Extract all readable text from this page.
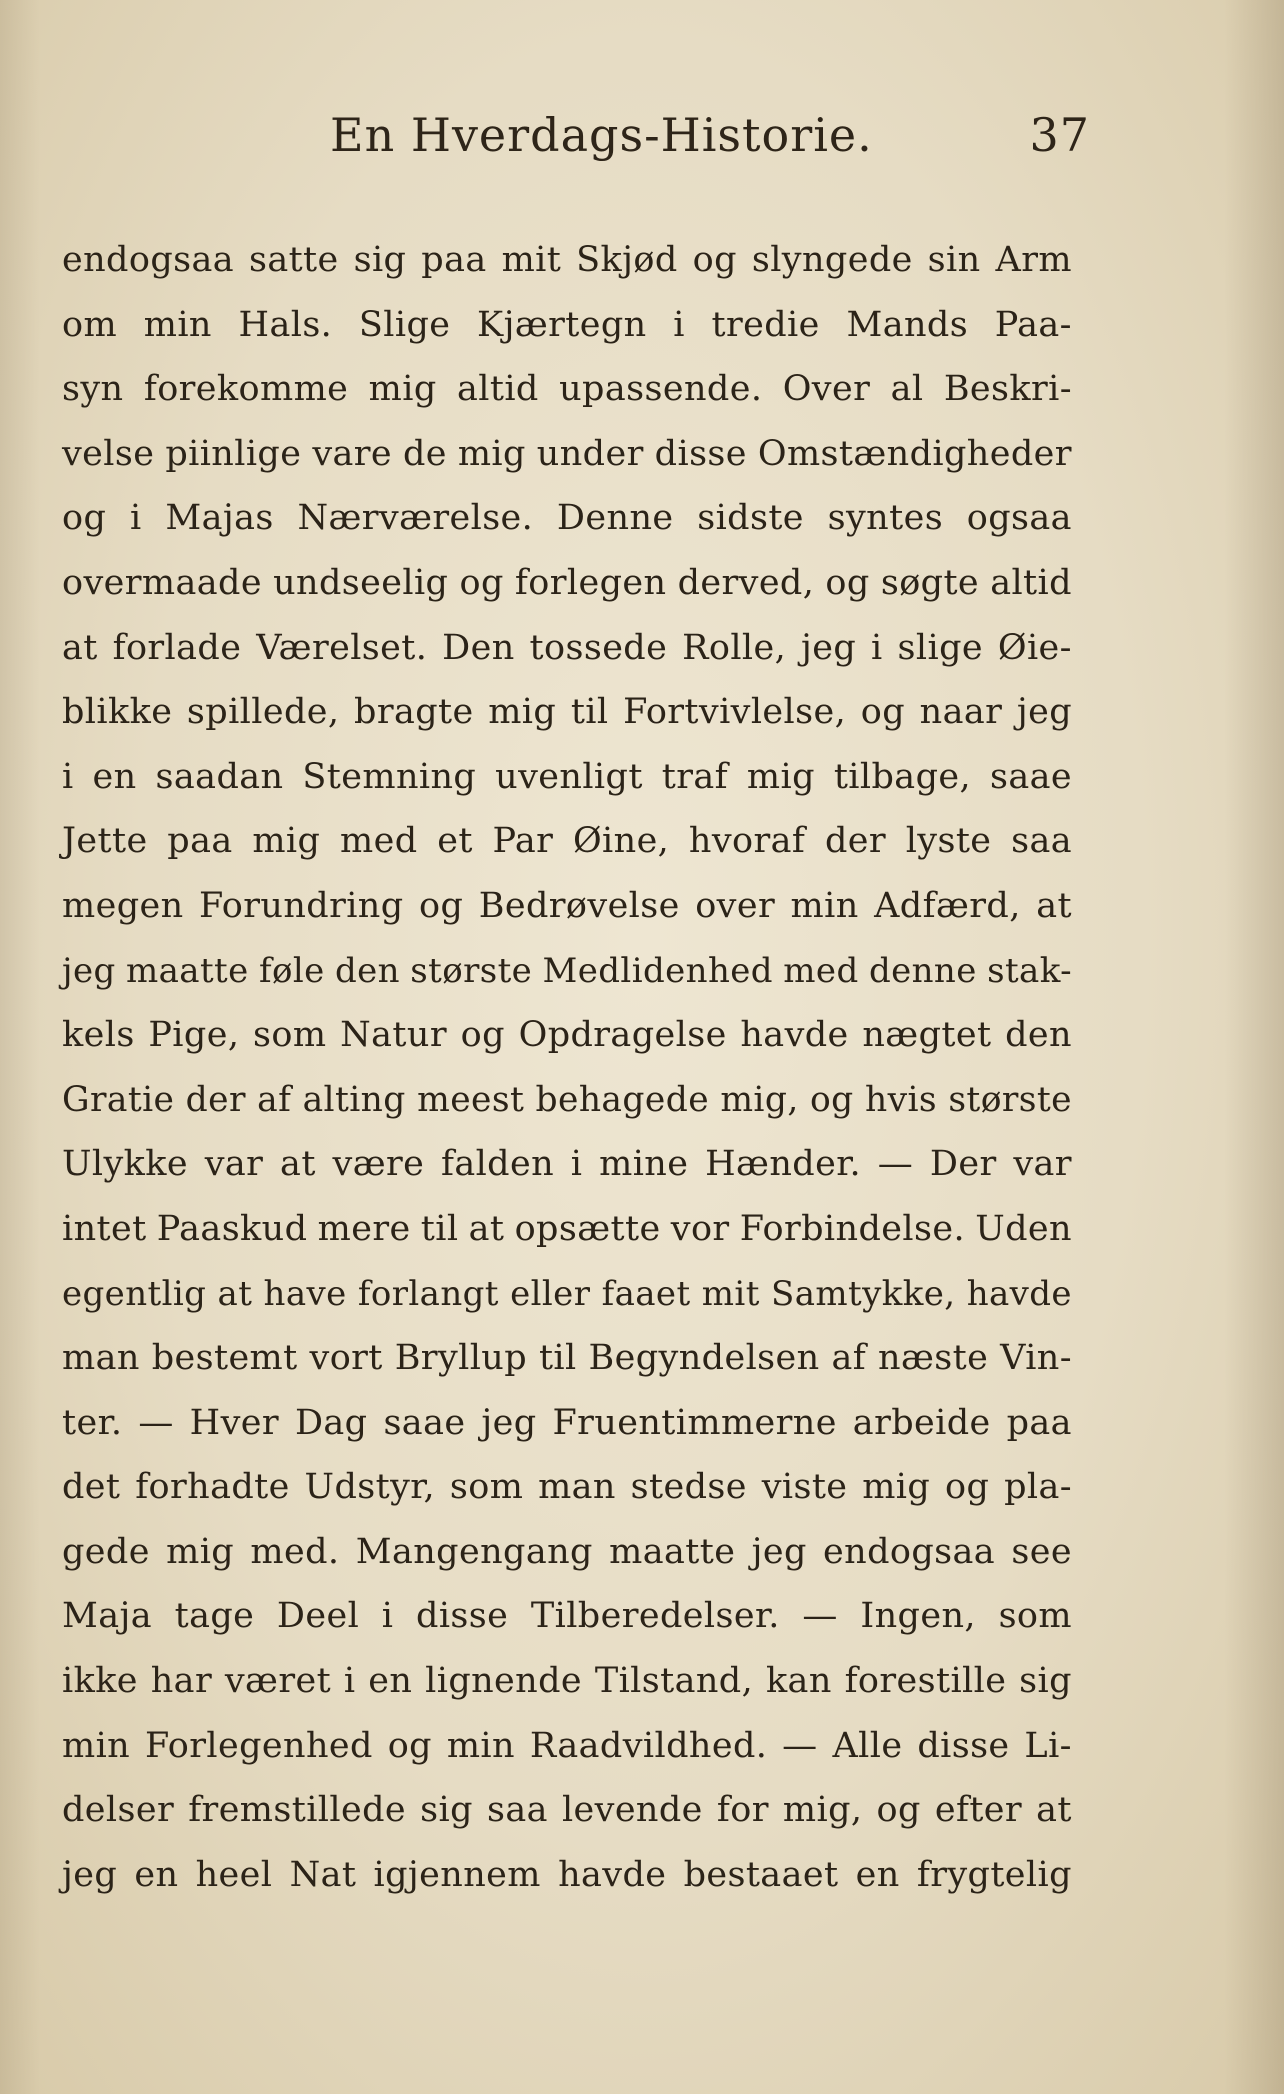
En Hverdags-Historie.	37
endogsaa satte sig paa mit Skjød og slyngede sin Arm
om min Hals. Slige Kjærtegn i tredie Mands Paa-
syn forekomme mig altid upassende. Over al Beskri-
velse piinlige vare de mig under disse Omstændigheder
og i Majas Nærværelse. Denne sidste syntes ogsaa
overmaade undseelig og forlegen derved, og søgte altid
at forlade Værelset. Den tossede Rolle, jeg i slige Øie-
blikke spillede, bragte mig til Fortvivlelse, og naar jeg
i en saadan Stemning uvenligt traf mig tilbage, saae
Jette paa mig med et Par Øine, hvoraf der lyste saa
megen Forundring og Bedrøvelse over min Adfærd, at
jeg maatte føle den største Medlidenhed med denne stak-
kels Pige, som Natur og Opdragelse havde nægtet den
Gratie der af alting meest behagede mig, og hvis største
Ulykke var at være falden i mine Hænder. — Der var
intet Paaskud mere til at opsætte vor Forbindelse. Uden
egentlig at have forlangt eller faaet mit Samtykke, havde
man bestemt vort Bryllup til Begyndelsen af næste Vin-
ter. — Hver Dag saae jeg Fruentimmerne arbeide paa
det forhadte Udstyr, som man stedse viste mig og pla-
gede mig med. Mangengang maatte jeg endogsaa see
Maja tage Deel i disse Tilberedelser. — Ingen, som
ikke har været i en lignende Tilstand, kan forestille sig
min Forlegenhed og min Raadvildhed. — Alle disse Li-
delser fremstillede sig saa levende for mig, og efter at
jeg en heel Nat igjennem havde bestaaet en frygtelig
